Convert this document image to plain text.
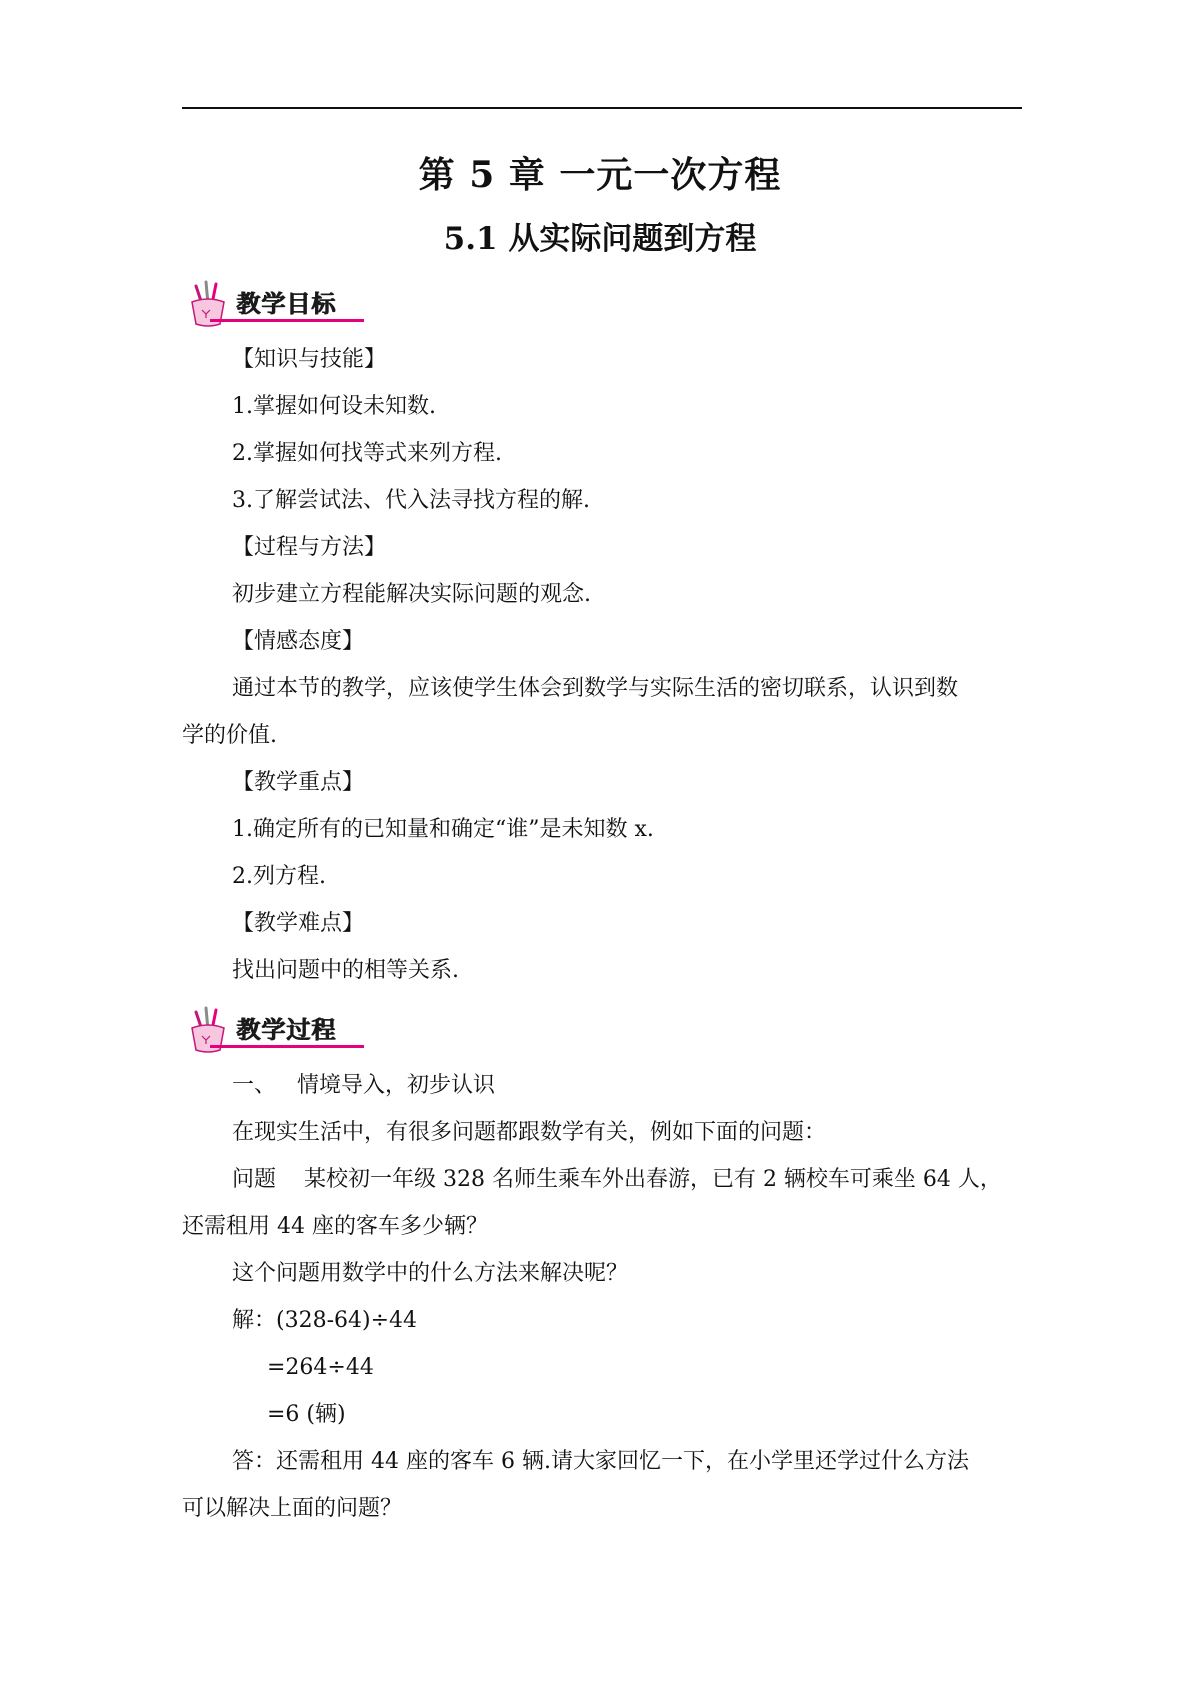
第 5 章 一元一次方程
5.1 从实际问题到方程
教学目标
【知识与技能】
1.掌握如何设未知数.
2.掌握如何找等式来列方程.
3.了解尝试法、代入法寻找方程的解.
【过程与方法】
初步建立方程能解决实际问题的观念.
【情感态度】
通过本节的教学，应该使学生体会到数学与实际生活的密切联系，认识到数
学的价值.
【教学重点】
1.确定所有的已知量和确定“谁”是未知数 x.
2.列方程.
【教学难点】
找出问题中的相等关系.
教学过程
一、   情境导入，初步认识
在现实生活中，有很多问题都跟数学有关，例如下面的问题：
问题    某校初一年级 328 名师生乘车外出春游，已有 2 辆校车可乘坐 64 人，
还需租用 44 座的客车多少辆？
这个问题用数学中的什么方法来解决呢？
解：(328-64)÷44
=264÷44
=6 (辆)
答：还需租用 44 座的客车 6 辆.请大家回忆一下，在小学里还学过什么方法
可以解决上面的问题？
